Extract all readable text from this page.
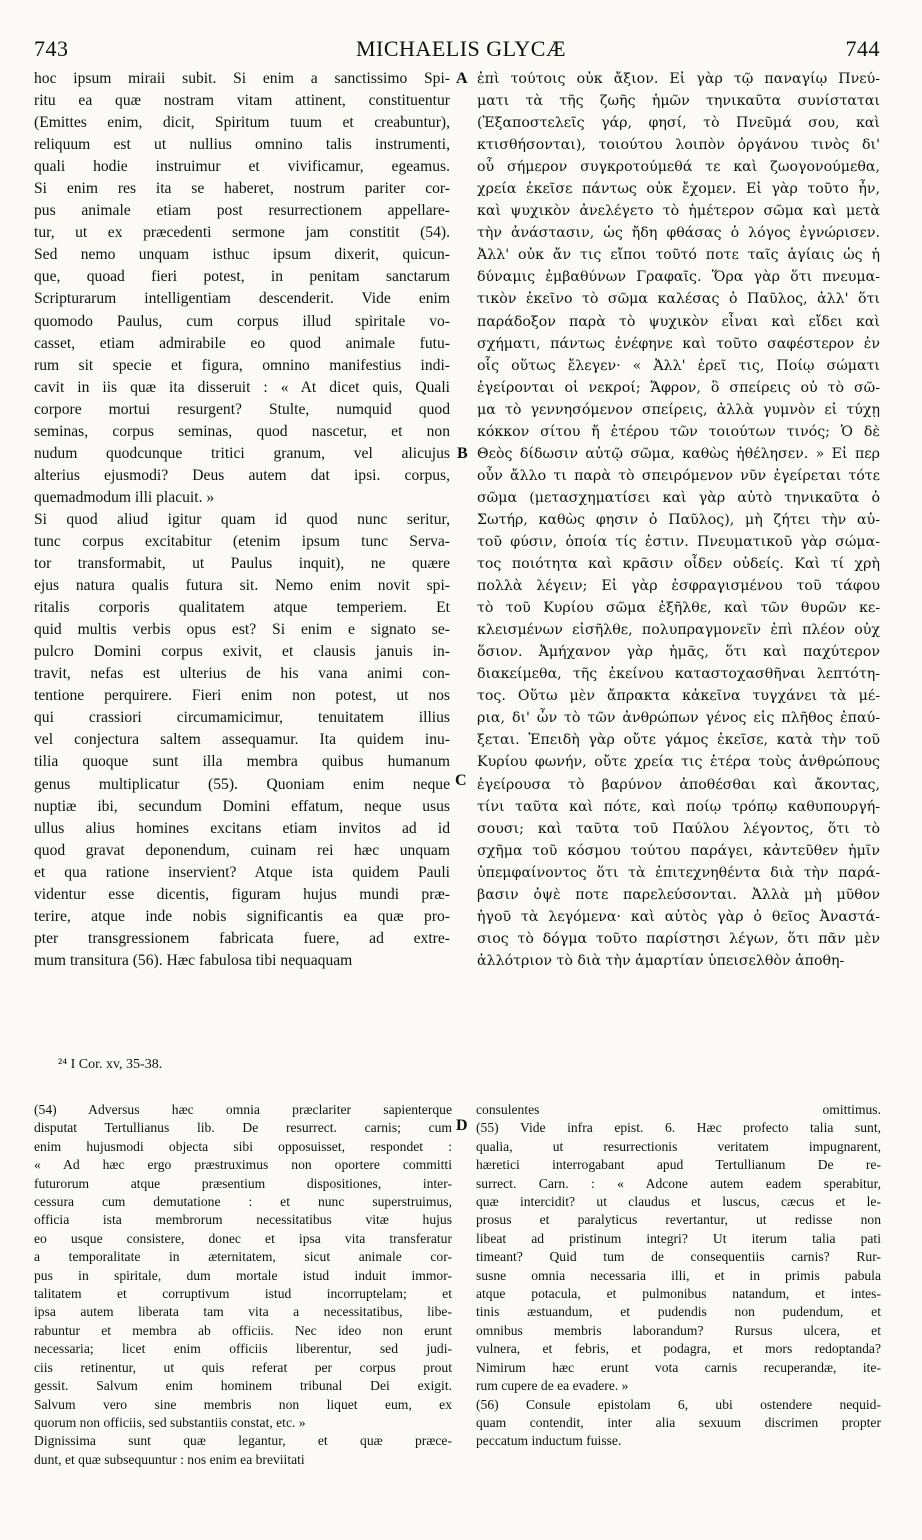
743	MICHAELIS GLYCÆ	744
A
B
C
D

hoc ipsum miraii subit. Si enim a sanctissimo Spi-

ritu ea quæ nostram vitam attinent, constituentur

(Emittes enim, dicit, Spiritum tuum et creabuntur),

reliquum est ut nullius omnino talis instrumenti,

quali hodie instruimur et vivificamur, egeamus.

Si enim res ita se haberet, nostrum pariter cor-

pus animale etiam post resurrectionem appellare-

tur, ut ex præcedenti sermone jam constitit (54).

Sed nemo unquam isthuc ipsum dixerit, quicun-

que, quoad fieri potest, in penitam sanctarum

Scripturarum intelligentiam descenderit. Vide enim

quomodo Paulus, cum corpus illud spiritale vo-

casset, etiam admirabile eo quod animale futu-

rum sit specie et figura, omnino manifestius indi-

cavit in iis quæ ita disseruit : « At dicet quis, Quali

corpore mortui resurgent? Stulte, numquid quod

seminas, corpus seminas, quod nascetur, et non

nudum quodcunque tritici granum, vel alicujus

alterius ejusmodi? Deus autem dat ipsi. corpus,

quemadmodum illi placuit. »

Si quod aliud igitur quam id quod nunc seritur,

tunc corpus excitabitur (etenim ipsum tunc Serva-

tor transformabit, ut Paulus inquit), ne quære

ejus natura qualis futura sit. Nemo enim novit spi-

ritalis corporis qualitatem atque temperiem. Et

quid multis verbis opus est? Si enim e signato se-

pulcro Domini corpus exivit, et clausis januis in-

travit, nefas est ulterius de his vana animi con-

tentione perquirere. Fieri enim non potest, ut nos

qui crassiori circumamicimur, tenuitatem illius

vel conjectura saltem assequamur. Ita quidem inu-

tilia quoque sunt illa membra quibus humanum

genus multiplicatur (55). Quoniam enim neque

nuptiæ ibi, secundum Domini effatum, neque usus

ullus alius homines excitans etiam invitos ad id

quod gravat deponendum, cuinam rei hæc unquam

et qua ratione inservient? Atque ista quidem Pauli

videntur esse dicentis, figuram hujus mundi præ-

terire, atque inde nobis significantis ea quæ pro-

pter transgressionem fabricata fuere, ad extre-

mum transitura (56). Hæc fabulosa tibi nequaquam

ἐπὶ τούτοις οὐκ ἄξιον. Εἰ γὰρ τῷ παναγίῳ Πνεύ-

ματι τὰ τῆς ζωῆς ἡμῶν τηνικαῦτα συνίσταται

(Ἐξαποστελεῖς γάρ, φησί, τὸ Πνεῦμά σου, καὶ

κτισθήσονται), τοιούτου λοιπὸν ὀργάνου τινὸς δι'

οὗ σήμερον συγκροτούμεθά τε καὶ ζωογονούμεθα,

χρεία ἐκεῖσε πάντως οὐκ ἔχομεν. Εἰ γὰρ τοῦτο ἦν,

καὶ ψυχικὸν ἀνελέγετο τὸ ἡμέτερον σῶμα καὶ μετὰ

τὴν ἀνάστασιν, ὡς ἤδη φθάσας ὁ λόγος ἐγνώρισεν.

Ἀλλ' οὐκ ἄν τις εἴποι τοῦτό ποτε ταῖς ἁγίαις ὡς ἡ

δύναμις ἐμβαθύνων Γραφαῖς. Ὅρα γὰρ ὅτι πνευμα-

τικὸν ἐκεῖνο τὸ σῶμα καλέσας ὁ Παῦλος, ἀλλ' ὅτι

παράδοξον παρὰ τὸ ψυχικὸν εἶναι καὶ εἴδει καὶ

σχήματι, πάντως ἐνέφηνε καὶ τοῦτο σαφέστερον ἐν

οἷς οὕτως ἔλεγεν· « Ἀλλ' ἐρεῖ τις, Ποίῳ σώματι

ἐγείρονται οἱ νεκροί; Ἄφρον, ὃ σπείρεις οὐ τὸ σῶ-

μα τὸ γεννησόμενον σπείρεις, ἀλλὰ γυμνὸν εἰ τύχῃ

κόκκον σίτου ἤ ἑτέρου τῶν τοιούτων τινός; Ὁ δὲ

Θεὸς δίδωσιν αὐτῷ σῶμα, καθὼς ἠθέλησεν. » Εἰ περ

οὖν ἄλλο τι παρὰ τὸ σπειρόμενον νῦν ἐγείρεται τότε

σῶμα (μετασχηματίσει καὶ γὰρ αὐτὸ τηνικαῦτα ὁ

Σωτήρ, καθὼς φησιν ὁ Παῦλος), μὴ ζήτει τὴν αὐ-

τοῦ φύσιν, ὁποία τίς ἐστιν. Πνευματικοῦ γὰρ σώμα-

τος ποιότητα καὶ κρᾶσιν οἶδεν οὐδείς. Καὶ τί χρὴ

πολλὰ λέγειν; Εἰ γὰρ ἐσφραγισμένου τοῦ τάφου

τὸ τοῦ Κυρίου σῶμα ἐξῆλθε, καὶ τῶν θυρῶν κε-

κλεισμένων εἰσῆλθε, πολυπραγμονεῖν ἐπὶ πλέον οὐχ

ὅσιον. Ἀμήχανον γὰρ ἡμᾶς, ὅτι καὶ παχύτερον

διακείμεθα, τῆς ἐκείνου καταστοχασθῆναι λεπτότη-

τος. Οὕτω μὲν ἄπρακτα κἀκεῖνα τυγχάνει τὰ μέ-

ρια, δι' ὧν τὸ τῶν ἀνθρώπων γένος εἰς πλῆθος ἐπαύ-

ξεται. Ἐπειδὴ γὰρ οὔτε γάμος ἐκεῖσε, κατὰ τὴν τοῦ

Κυρίου φωνήν, οὔτε χρεία τις ἑτέρα τοὺς ἀνθρώπους

ἐγείρουσα τὸ βαρύνον ἀποθέσθαι καὶ ἄκοντας,

τίνι ταῦτα καὶ πότε, καὶ ποίῳ τρόπῳ καθυπουργή-

σουσι; καὶ ταῦτα τοῦ Παύλου λέγοντος, ὅτι τὸ

σχῆμα τοῦ κόσμου τούτου παράγει, κἀντεῦθεν ἡμῖν

ὑπεμφαίνοντος ὅτι τὰ ἐπιτεχνηθέντα διὰ τὴν παρά-

βασιν ὀψὲ ποτε παρελεύσονται. Ἀλλὰ μὴ μῦθον

ἡγοῦ τὰ λεγόμενα· καὶ αὐτὸς γὰρ ὁ θεῖος Ἀναστά-

σιος τὸ δόγμα τοῦτο παρίστησι λέγων, ὅτι πᾶν μὲν

ἀλλότριον τὸ διὰ τὴν ἁμαρτίαν ὑπεισελθὸν ἀποθη-

²⁴ I Cor. xv, 35-38.

(54) Adversus hæc omnia præclariter sapienterque

disputat Tertullianus lib. De resurrect. carnis; cum

enim hujusmodi objecta sibi opposuisset, respondet :

« Ad hæc ergo præstruximus non oportere committi

futurorum atque præsentium dispositiones, inter-

cessura cum demutatione : et nunc superstruimus,

officia ista membrorum necessitatibus vitæ hujus

eo usque consistere, donec et ipsa vita transferatur

a temporalitate in æternitatem, sicut animale cor-

pus in spiritale, dum mortale istud induit immor-

talitatem et corruptivum istud incorruptelam; et

ipsa autem liberata tam vita a necessitatibus, libe-

rabuntur et membra ab officiis. Nec ideo non erunt

necessaria; licet enim officiis liberentur, sed judi-

ciis retinentur, ut quis referat per corpus prout

gessit. Salvum enim hominem tribunal Dei exigit.

Salvum vero sine membris non liquet eum, ex

quorum non officiis, sed substantiis constat, etc. »

Dignissima sunt quæ legantur, et quæ præce-

dunt, et quæ subsequuntur : nos enim ea breviitati

consulentes omittimus.

(55) Vide infra epist. 6. Hæc profecto talia sunt,

qualia, ut resurrectionis veritatem impugnarent,

hæretici interrogabant apud Tertullianum De re-

surrect. Carn. : « Adcone autem eadem sperabitur,

quæ intercidit? ut claudus et luscus, cæcus et le-

prosus et paralyticus revertantur, ut redisse non

libeat ad pristinum integri? Ut iterum talia pati

timeant? Quid tum de consequentiis carnis? Rur-

susne omnia necessaria illi, et in primis pabula

atque potacula, et pulmonibus natandum, et intes-

tinis æstuandum, et pudendis non pudendum, et

omnibus membris laborandum? Rursus ulcera, et

vulnera, et febris, et podagra, et mors redoptanda?

Nimirum hæc erunt vota carnis recuperandæ, ite-

rum cupere de ea evadere. »

(56) Consule epistolam 6, ubi ostendere nequid-

quam contendit, inter alia sexuum discrimen propter

peccatum inductum fuisse.
